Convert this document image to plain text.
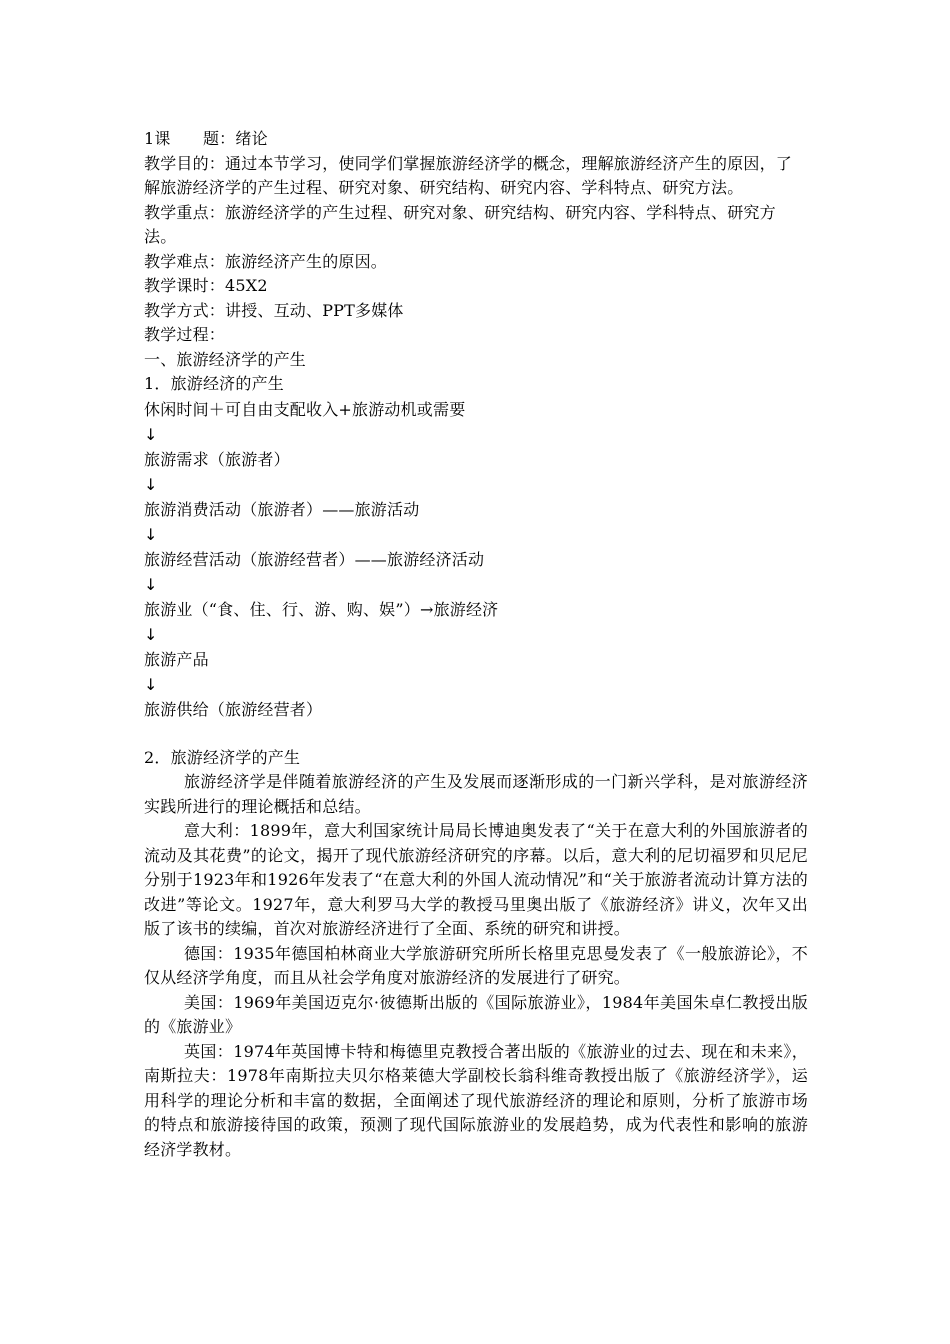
1课　　题：绪论
教学目的：通过本节学习，使同学们掌握旅游经济学的概念，理解旅游经济产生的原因，了解旅游经济学的产生过程、研究对象、研究结构、研究内容、学科特点、研究方法。
教学重点：旅游经济学的产生过程、研究对象、研究结构、研究内容、学科特点、研究方法。
教学难点：旅游经济产生的原因。
教学课时：45X2
教学方式：讲授、互动、PPT多媒体
教学过程：
一、旅游经济学的产生
1．旅游经济的产生
休闲时间＋可自由支配收入+旅游动机或需要
↓
旅游需求（旅游者）
↓
旅游消费活动（旅游者）——旅游活动
↓
旅游经营活动（旅游经营者）——旅游经济活动
↓
旅游业（“食、住、行、游、购、娱”）→旅游经济
↓
旅游产品
↓
旅游供给（旅游经营者）
2．旅游经济学的产生
旅游经济学是伴随着旅游经济的产生及发展而逐渐形成的一门新兴学科，是对旅游经济实践所进行的理论概括和总结。
意大利：1899年，意大利国家统计局局长博迪奥发表了“关于在意大利的外国旅游者的流动及其花费”的论文，揭开了现代旅游经济研究的序幕。以后，意大利的尼切福罗和贝尼尼分别于1923年和1926年发表了“在意大利的外国人流动情况”和“关于旅游者流动计算方法的改进”等论文。1927年，意大利罗马大学的教授马里奥出版了《旅游经济》讲义，次年又出版了该书的续编，首次对旅游经济进行了全面、系统的研究和讲授。
德国：1935年德国柏林商业大学旅游研究所所长格里克思曼发表了《一般旅游论》，不仅从经济学角度，而且从社会学角度对旅游经济的发展进行了研究。
美国：1969年美国迈克尔·彼德斯出版的《国际旅游业》，1984年美国朱卓仁教授出版的《旅游业》
英国：1974年英国博卡特和梅德里克教授合著出版的《旅游业的过去、现在和未来》，南斯拉夫：1978年南斯拉夫贝尔格莱德大学副校长翁科维奇教授出版了《旅游经济学》，运用科学的理论分析和丰富的数据，全面阐述了现代旅游经济的理论和原则，分析了旅游市场的特点和旅游接待国的政策，预测了现代国际旅游业的发展趋势，成为代表性和影响的旅游经济学教材。
